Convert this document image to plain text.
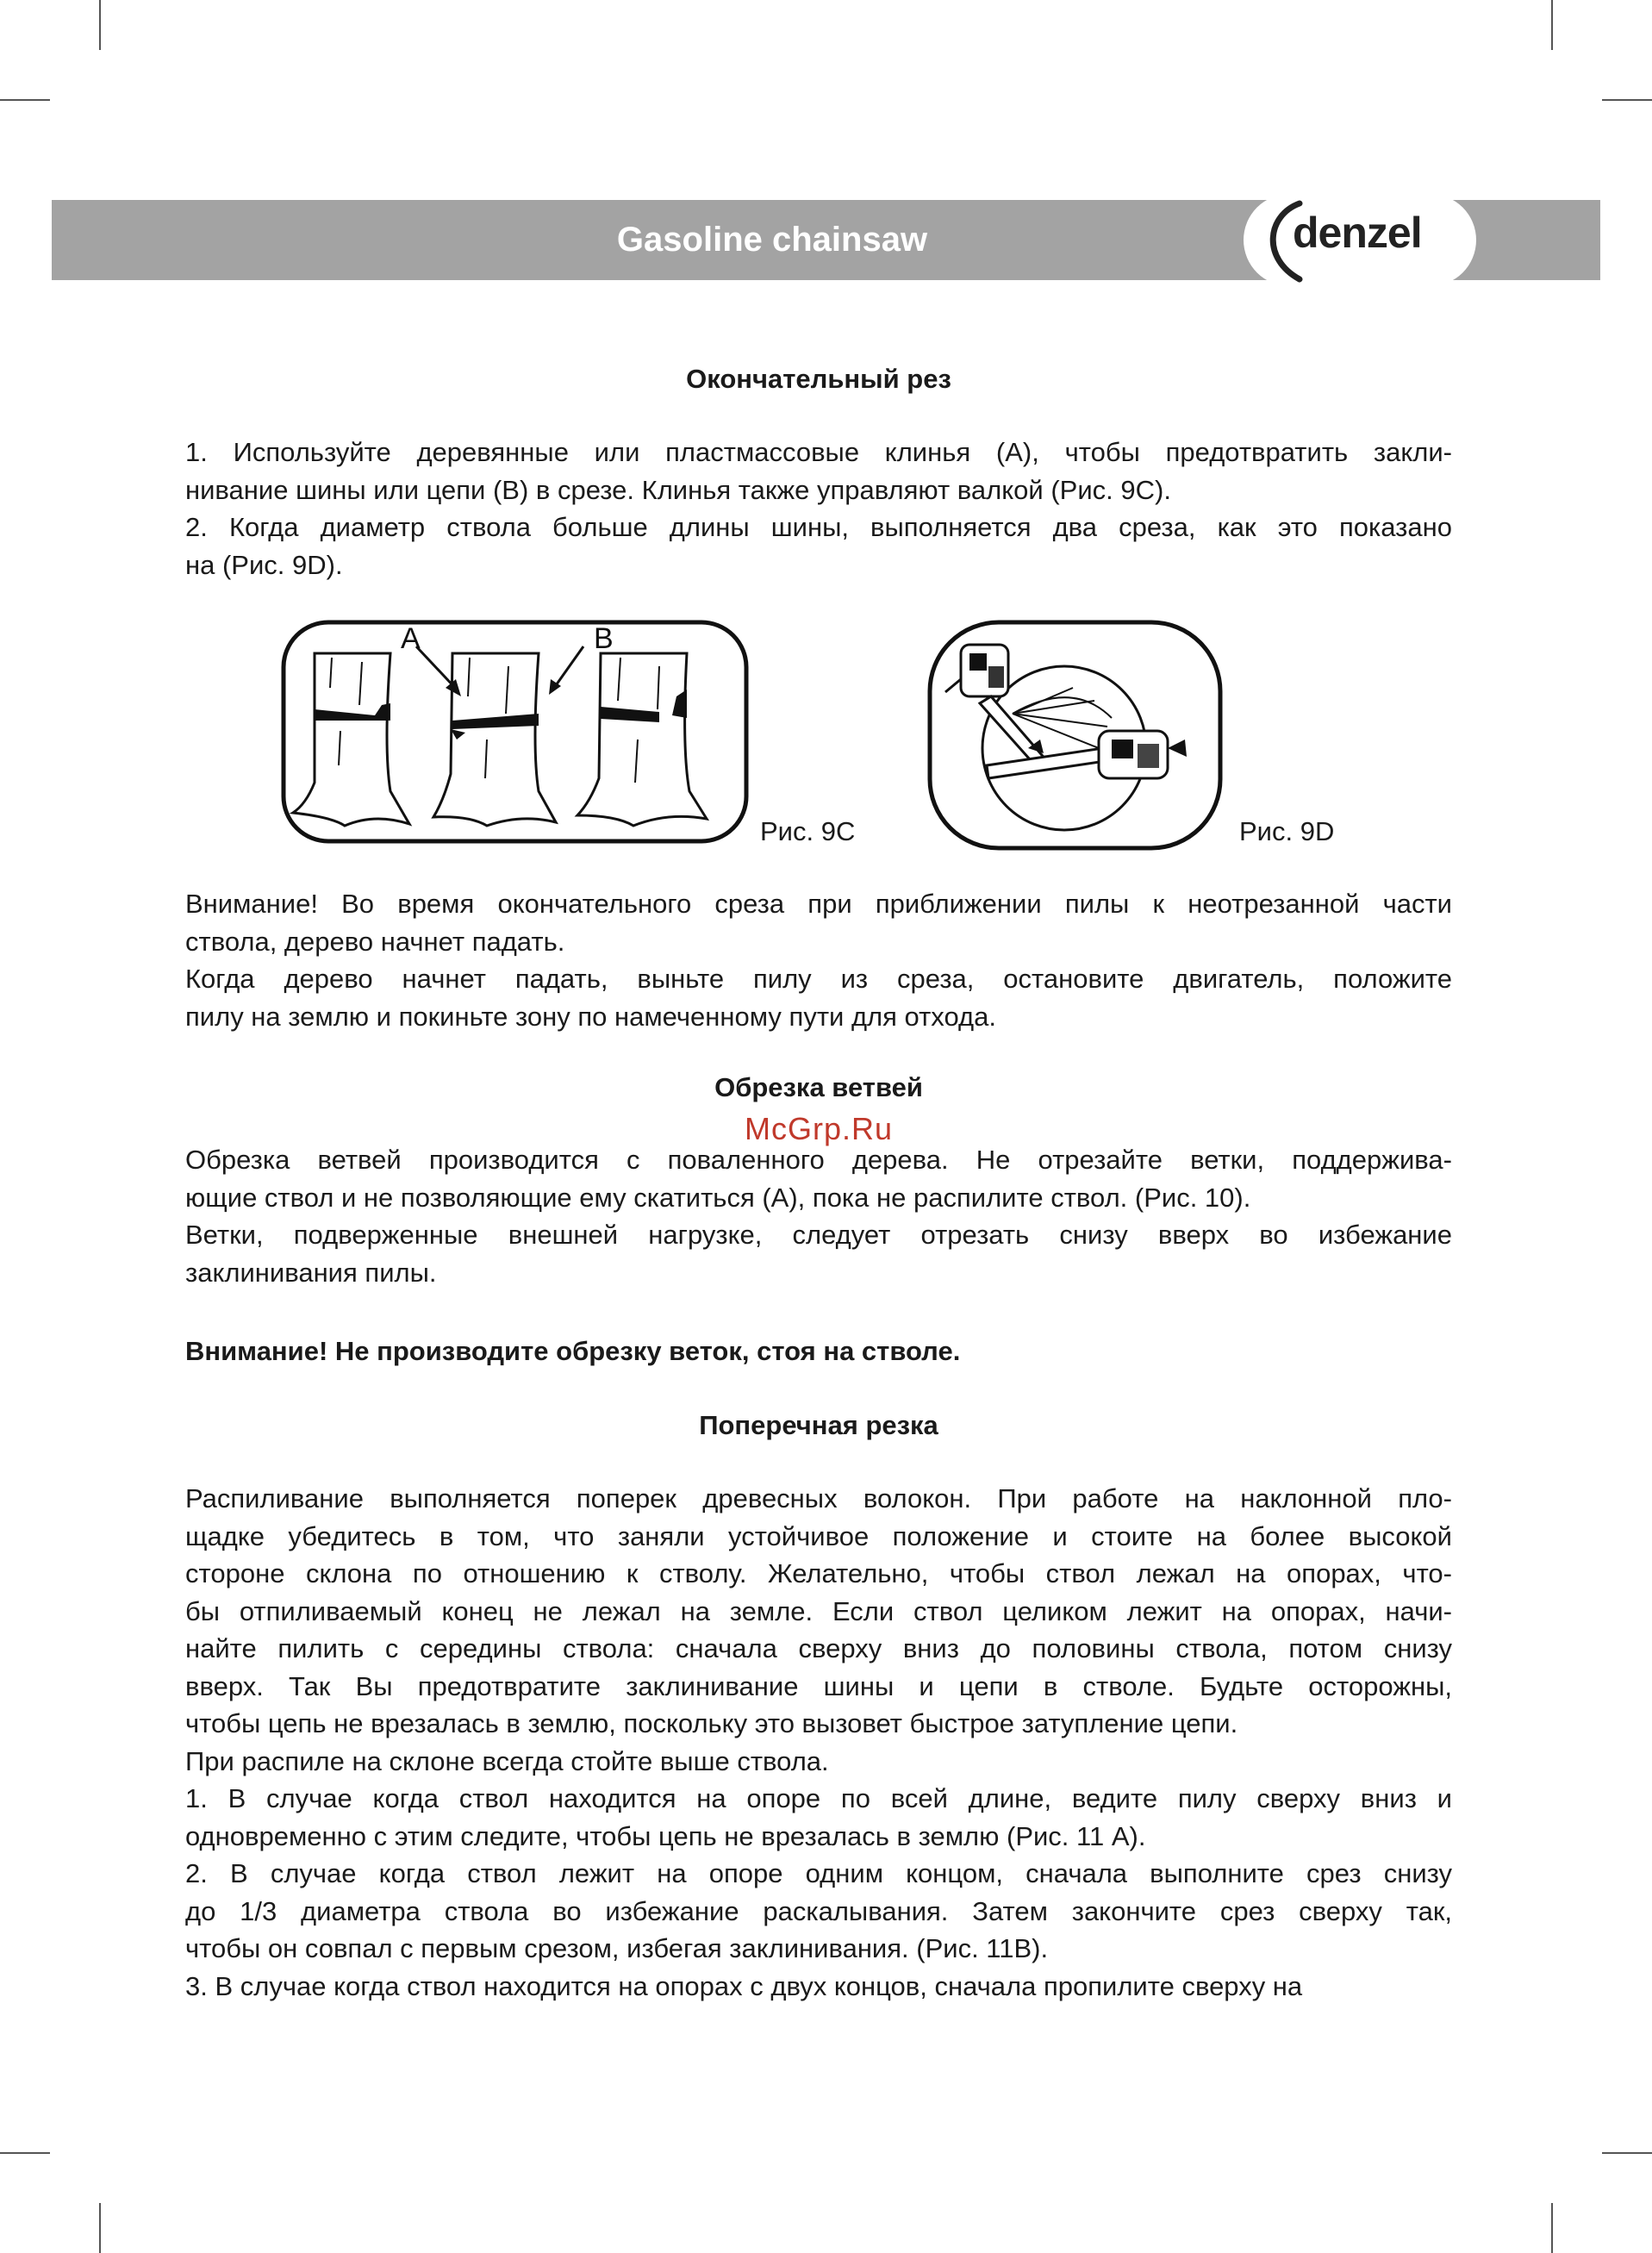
Gasoline chainsaw	denzel
Окончательный рез
1. Используйте деревянные или пластмассовые клинья (А), чтобы предотвратить закли-
нивание шины или цепи (В) в срезе. Клинья также управляют валкой (Рис. 9С).
2. Когда диаметр ствола больше длины шины, выполняется два среза, как это показано
на (Рис. 9D).
A	B
Рис. 9С	Рис. 9D
Внимание! Во время окончательного среза при приближении пилы к неотрезанной части
ствола, дерево начнет падать.
Когда дерево начнет падать, выньте пилу из среза, остановите двигатель, положите
пилу на землю и покиньте зону по намеченному пути для отхода.
Обрезка ветвей
McGrp.Ru
Обрезка ветвей производится с поваленного дерева. Не отрезайте ветки, поддержива-
ющие ствол и не позволяющие ему скатиться (А), пока не распилите ствол. (Рис. 10).
Ветки, подверженные внешней нагрузке, следует отрезать снизу вверх во избежание
заклинивания пилы.
Внимание! Не производите обрезку веток, стоя на стволе.
Поперечная резка
Распиливание выполняется поперек древесных волокон. При работе на наклонной пло-
щадке убедитесь в том, что заняли устойчивое положение и стоите на более высокой
стороне склона по отношению к стволу. Желательно, чтобы ствол лежал на опорах, что-
бы отпиливаемый конец не лежал на земле. Если ствол целиком лежит на опорах, начи-
найте пилить с середины ствола: сначала сверху вниз до половины ствола, потом снизу
вверх. Так Вы предотвратите заклинивание шины и цепи в стволе. Будьте осторожны,
чтобы цепь не врезалась в землю, поскольку это вызовет быстрое затупление цепи.
При распиле на склоне всегда стойте выше ствола.
1. В случае когда ствол находится на опоре по всей длине, ведите пилу сверху вниз и
одновременно с этим следите, чтобы цепь не врезалась в землю (Рис. 11 А).
2. В случае когда ствол лежит на опоре одним концом, сначала выполните срез снизу
до 1/3 диаметра ствола во избежание раскалывания. Затем закончите срез сверху так,
чтобы он совпал с первым срезом, избегая заклинивания. (Рис. 11В).
3. В случае когда ствол находится на опорах с двух концов, сначала пропилите сверху на
